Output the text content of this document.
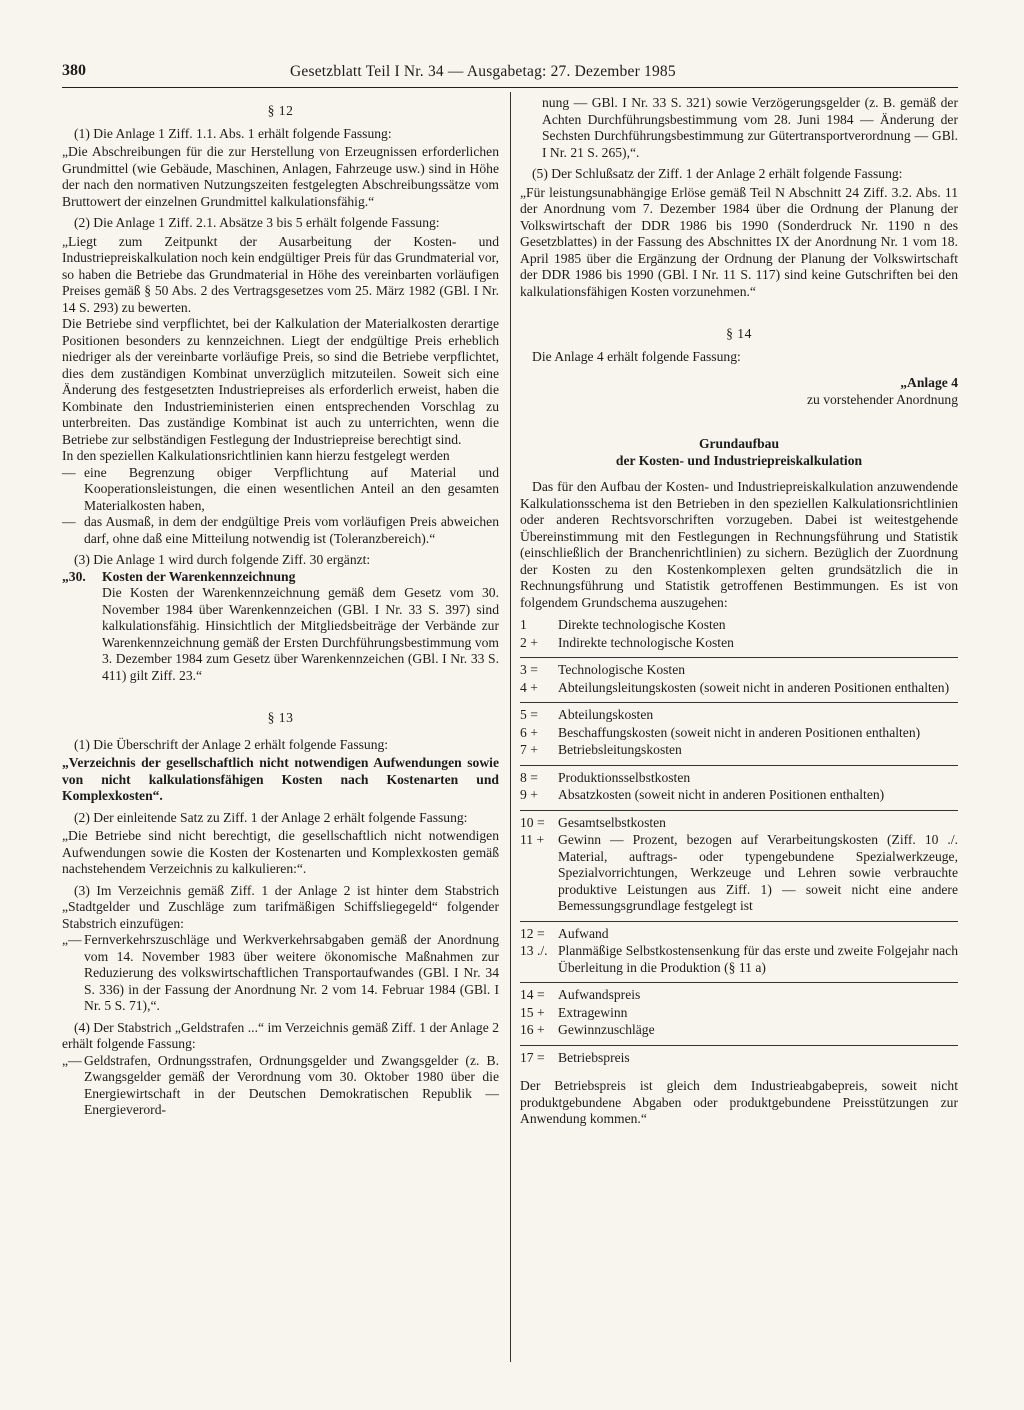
380	Gesetzblatt Teil I Nr. 34 — Ausgabetag: 27. Dezember 1985

§ 12

(1) Die Anlage 1 Ziff. 1.1. Abs. 1 erhält folgende Fassung:

„Die Abschreibungen für die zur Herstellung von Erzeugnissen erforderlichen Grundmittel (wie Gebäude, Maschinen, Anlagen, Fahrzeuge usw.) sind in Höhe der nach den normativen Nutzungszeiten festgelegten Abschreibungssätze vom Bruttowert der einzelnen Grundmittel kalkulationsfähig.“

(2) Die Anlage 1 Ziff. 2.1. Absätze 3 bis 5 erhält folgende Fassung:

„Liegt zum Zeitpunkt der Ausarbeitung der Kosten- und Industriepreiskalkulation noch kein endgültiger Preis für das Grundmaterial vor, so haben die Betriebe das Grundmaterial in Höhe des vereinbarten vorläufigen Preises gemäß § 50 Abs. 2 des Vertragsgesetzes vom 25. März 1982 (GBl. I Nr. 14 S. 293) zu bewerten.

Die Betriebe sind verpflichtet, bei der Kalkulation der Materialkosten derartige Positionen besonders zu kennzeichnen. Liegt der endgültige Preis erheblich niedriger als der vereinbarte vorläufige Preis, so sind die Betriebe verpflichtet, dies dem zuständigen Kombinat unverzüglich mitzuteilen. Soweit sich eine Änderung des festgesetzten Industriepreises als erforderlich erweist, haben die Kombinate den Industrieministerien einen entsprechenden Vorschlag zu unterbreiten. Das zuständige Kombinat ist auch zu unterrichten, wenn die Betriebe zur selbständigen Festlegung der Industriepreise berechtigt sind.

In den speziellen Kalkulationsrichtlinien kann hierzu festgelegt werden

— eine Begrenzung obiger Verpflichtung auf Material und Kooperationsleistungen, die einen wesentlichen Anteil an den gesamten Materialkosten haben,
— das Ausmaß, in dem der endgültige Preis vom vorläufigen Preis abweichen darf, ohne daß eine Mitteilung notwendig ist (Toleranzbereich).“

(3) Die Anlage 1 wird durch folgende Ziff. 30 ergänzt:

„30.	Kosten der Warenkennzeichnung

Die Kosten der Warenkennzeichnung gemäß dem Gesetz vom 30. November 1984 über Warenkennzeichen (GBl. I Nr. 33 S. 397) sind kalkulationsfähig. Hinsichtlich der Mitgliedsbeiträge der Verbände zur Warenkennzeichnung gemäß der Ersten Durchführungsbestimmung vom 3. Dezember 1984 zum Gesetz über Warenkennzeichen (GBl. I Nr. 33 S. 411) gilt Ziff. 23.“

§ 13

(1) Die Überschrift der Anlage 2 erhält folgende Fassung:

„Verzeichnis der gesellschaftlich nicht notwendigen Aufwendungen sowie von nicht kalkulationsfähigen Kosten nach Kostenarten und Komplexkosten“.

(2) Der einleitende Satz zu Ziff. 1 der Anlage 2 erhält folgende Fassung:

„Die Betriebe sind nicht berechtigt, die gesellschaftlich nicht notwendigen Aufwendungen sowie die Kosten der Kostenarten und Komplexkosten gemäß nachstehendem Verzeichnis zu kalkulieren:“.

(3) Im Verzeichnis gemäß Ziff. 1 der Anlage 2 ist hinter dem Stabstrich „Stadtgelder und Zuschläge zum tarifmäßigen Schiffsliegegeld“ folgender Stabstrich einzufügen:

„— Fernverkehrszuschläge und Werkverkehrsabgaben gemäß der Anordnung vom 14. November 1983 über weitere ökonomische Maßnahmen zur Reduzierung des volkswirtschaftlichen Transportaufwandes (GBl. I Nr. 34 S. 336) in der Fassung der Anordnung Nr. 2 vom 14. Februar 1984 (GBl. I Nr. 5 S. 71),“.

(4) Der Stabstrich „Geldstrafen ...“ im Verzeichnis gemäß Ziff. 1 der Anlage 2 erhält folgende Fassung:

„— Geldstrafen, Ordnungsstrafen, Ordnungsgelder und Zwangsgelder (z. B. Zwangsgelder gemäß der Verordnung vom 30. Oktober 1980 über die Energiewirtschaft in der Deutschen Demokratischen Republik — Energieverord-

nung — GBl. I Nr. 33 S. 321) sowie Verzögerungsgelder (z. B. gemäß der Achten Durchführungsbestimmung vom 28. Juni 1984 — Änderung der Sechsten Durchführungsbestimmung zur Gütertransportverordnung — GBl. I Nr. 21 S. 265),“.

(5) Der Schlußsatz der Ziff. 1 der Anlage 2 erhält folgende Fassung:

„Für leistungsunabhängige Erlöse gemäß Teil N Abschnitt 24 Ziff. 3.2. Abs. 11 der Anordnung vom 7. Dezember 1984 über die Ordnung der Planung der Volkswirtschaft der DDR 1986 bis 1990 (Sonderdruck Nr. 1190 n des Gesetzblattes) in der Fassung des Abschnittes IX der Anordnung Nr. 1 vom 18. April 1985 über die Ergänzung der Ordnung der Planung der Volkswirtschaft der DDR 1986 bis 1990 (GBl. I Nr. 11 S. 117) sind keine Gutschriften bei den kalkulationsfähigen Kosten vorzunehmen.“

§ 14

Die Anlage 4 erhält folgende Fassung:

„Anlage 4
zu vorstehender Anordnung
Grundaufbau
der Kosten- und Industriepreiskalkulation

Das für den Aufbau der Kosten- und Industriepreiskalkulation anzuwendende Kalkulationsschema ist den Betrieben in den speziellen Kalkulationsrichtlinien oder anderen Rechtsvorschriften vorzugeben. Dabei ist weitestgehende Übereinstimmung mit den Festlegungen in Rechnungsführung und Statistik (einschließlich der Branchenrichtlinien) zu sichern. Bezüglich der Zuordnung der Kosten zu den Kostenkomplexen gelten grundsätzlich die in Rechnungsführung und Statistik getroffenen Bestimmungen. Es ist von folgendem Grundschema auszugehen:

1	Direkte technologische Kosten
2 +	Indirekte technologische Kosten
3 =	Technologische Kosten
4 +	Abteilungsleitungskosten (soweit nicht in anderen Positionen enthalten)
5 =	Abteilungskosten
6 +	Beschaffungskosten (soweit nicht in anderen Positionen enthalten)
7 +	Betriebsleitungskosten
8 =	Produktionsselbstkosten
9 +	Absatzkosten (soweit nicht in anderen Positionen enthalten)
10 = Gesamtselbstkosten
11 +	Gewinn — Prozent, bezogen auf Verarbeitungskosten (Ziff. 10 ./. Material, auftrags- oder typengebundene Spezialwerkzeuge, Spezialvorrichtungen, Werkzeuge und Lehren sowie verbrauchte produktive Leistungen aus Ziff. 1) — soweit nicht eine andere Bemessungsgrundlage festgelegt ist
12 = Aufwand
13 ./. Planmäßige Selbstkostensenkung für das erste und zweite Folgejahr nach Überleitung in die Produktion (§ 11 a)
14 = Aufwandspreis
15 + Extragewinn
16 + Gewinnzuschläge
17 = Betriebspreis

Der Betriebspreis ist gleich dem Industrieabgabepreis, soweit nicht produktgebundene Abgaben oder produktgebundene Preisstützungen zur Anwendung kommen.“
